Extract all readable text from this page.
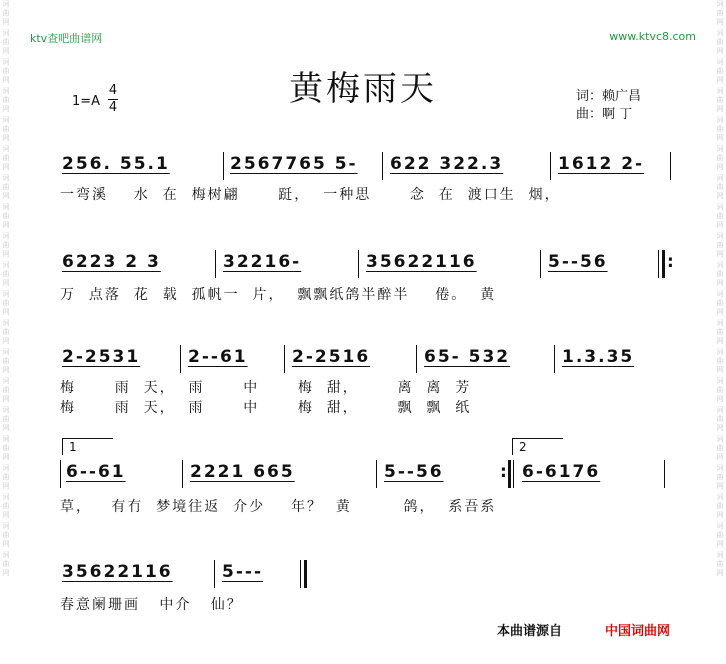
词曲网
词曲网
词曲网
词曲网
词曲网
词曲网
词曲网
词曲网
词曲网
词曲网
词曲网
词曲网
词曲网
词曲网
词曲网
词曲网
词曲网
词曲网
词曲网
词曲网
词曲网
词曲网
词曲网
词曲网
词曲网
词曲网
词曲网
词曲网
词曲网
词曲网
词曲网
词曲网
词曲网
词曲网
词曲网
词曲网
词曲网
词曲网
词曲网
词曲网
ktv查吧曲谱网	www.ktvc8.com
黄梅雨天
1=A
4
4
词：赖广昌
曲：啊 丁
256. 55.1	2567765 5- 622 322.3	1612 2-
一弯溪    水  在  梅树翩      跹，  一种思      念  在  渡口生  烟，
6223 2 3	32216-	35622116	5--56	:
万  点落  花  载  孤帆一  片，  飘飘纸鸽半醉半    倦。  黄
2-2531	2--61	2-2516	65- 532	1.3.35
梅      雨  天，  雨      中      梅  甜，      离  离  芳
梅      雨  天，  雨      中      梅  甜，      飘  飘  纸
1	2
6--61	2221 665	5--56	: 6-6176
草，   有冇  梦境往返  介少    年？  黄        鸽，  系吾系
35622116	5---
春意阑珊画   中介   仙？
本曲谱源自	中国词曲网
